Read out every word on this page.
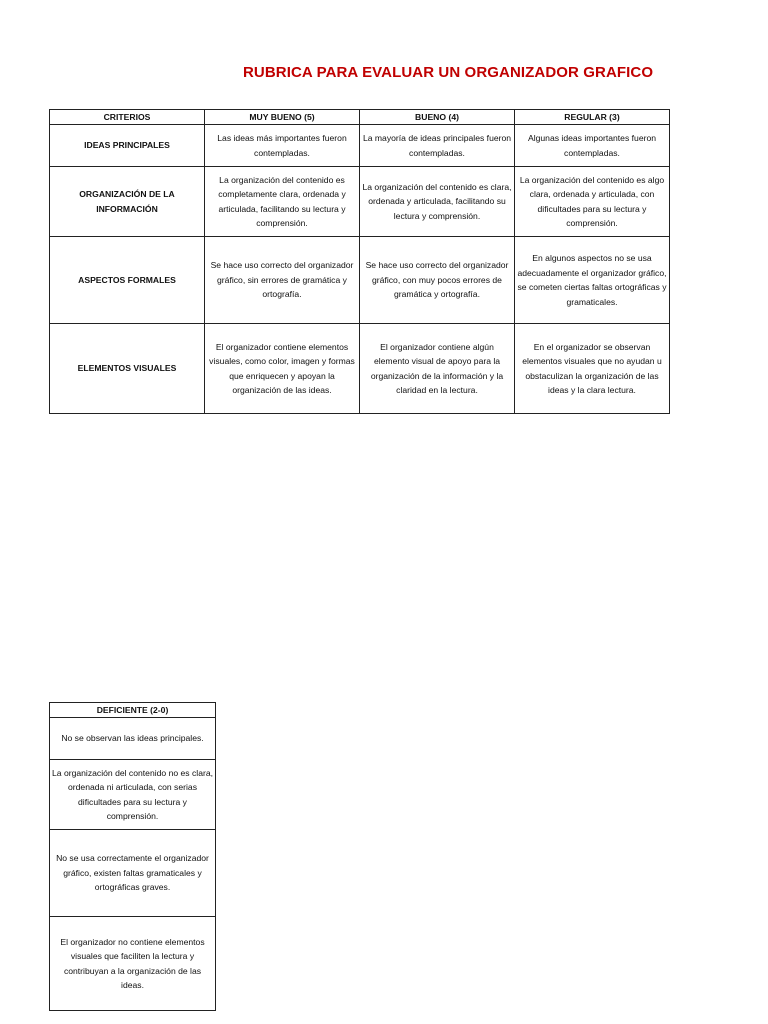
RUBRICA PARA EVALUAR UN ORGANIZADOR GRAFICO
CRITERIOS	MUY BUENO (5)	BUENO (4)	REGULAR (3)
IDEAS PRINCIPALES	Las ideas más importantes fueron contempladas.	La mayoría de ideas principales fueron contempladas.	Algunas ideas importantes fueron contempladas.
ORGANIZACIÓN DE LA INFORMACIÓN	La organización del contenido es completamente clara, ordenada y articulada, facilitando su lectura y comprensión.	La organización del contenido es clara, ordenada y articulada, facilitando su lectura y comprensión.	La organización del contenido es algo clara, ordenada y articulada, con dificultades para su lectura y comprensión.
ASPECTOS FORMALES	Se hace uso correcto del organizador gráfico, sin errores de gramática y ortografía.	Se hace uso correcto del organizador gráfico, con muy pocos errores de gramática y ortografía.	En algunos aspectos no se usa adecuadamente el organizador gráfico, se cometen ciertas faltas ortográficas y gramaticales.
ELEMENTOS VISUALES	El organizador contiene elementos visuales, como color, imagen y formas que enriquecen y apoyan la organización de las ideas.	El organizador contiene algún elemento visual de apoyo para la organización de la información y la claridad en la lectura.	En el organizador se observan elementos visuales que no ayudan u obstaculizan la organización de las ideas y la clara lectura.
DEFICIENTE (2-0)
No se observan las ideas principales.
La organización del contenido no es clara, ordenada ni articulada, con serias dificultades para su lectura y comprensión.
No se usa correctamente el organizador gráfico, existen faltas gramaticales y ortográficas graves.
El organizador no contiene elementos visuales que faciliten la lectura y contribuyan a la organización de las ideas.
